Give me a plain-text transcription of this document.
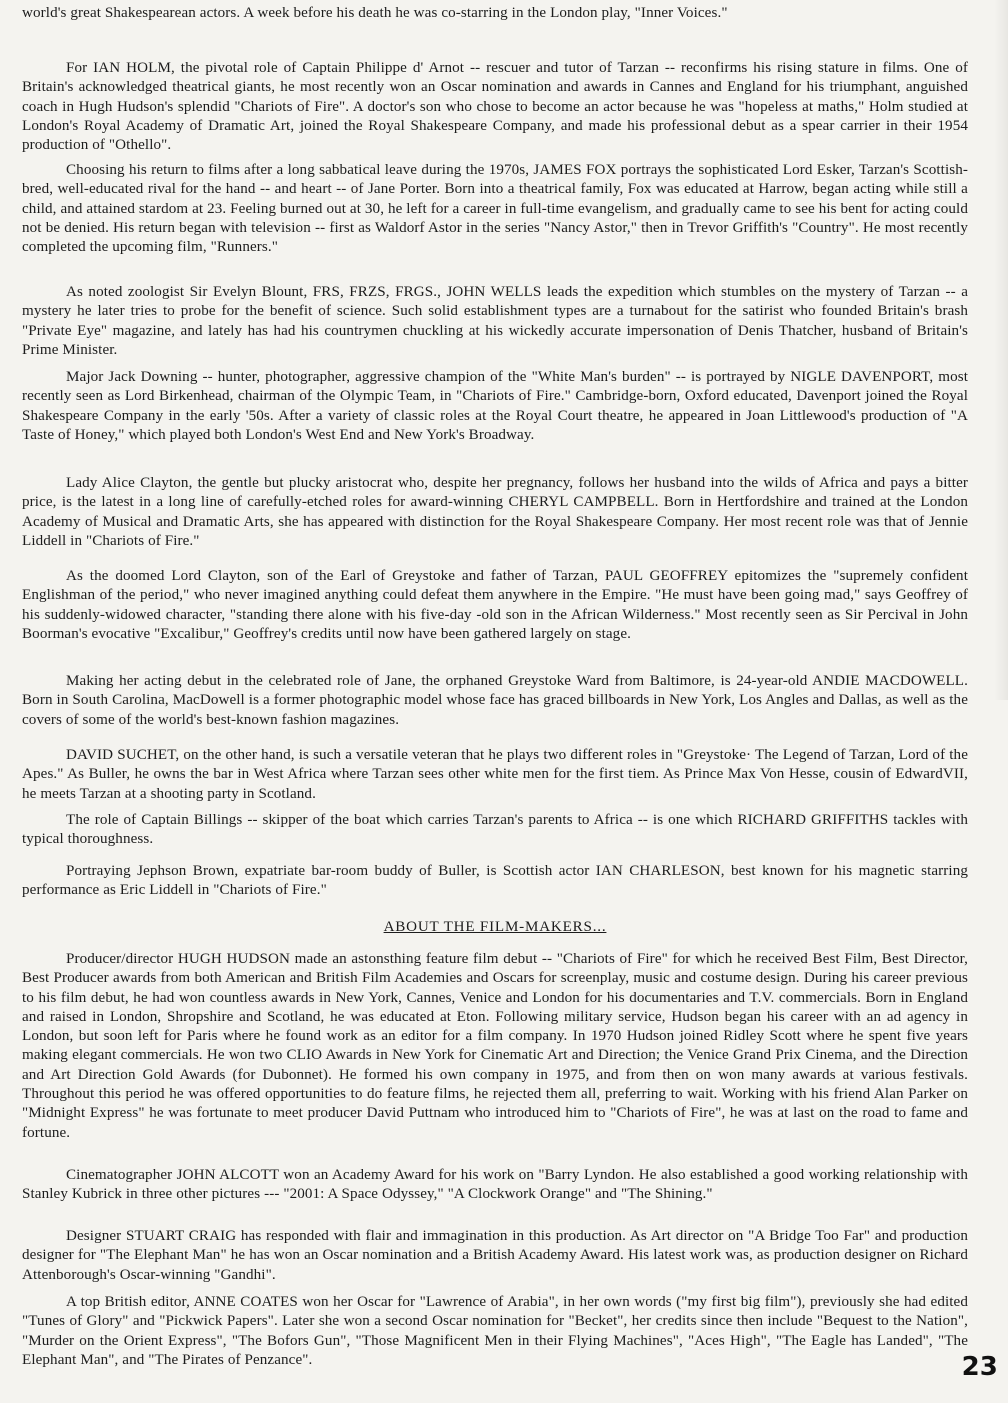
world's great Shakespearean actors. A week before his death he was co-starring in the London play, "Inner Voices."

For IAN HOLM, the pivotal role of Captain Philippe d' Arnot -- rescuer and tutor of Tarzan -- reconfirms his rising stature in films. One of Britain's acknowledged theatrical giants, he most recently won an Oscar nomination and awards in Cannes and England for his triumphant, anguished coach in Hugh Hudson's splendid "Chariots of Fire". A doctor's son who chose to become an actor because he was "hopeless at maths," Holm studied at London's Royal Academy of Dramatic Art, joined the Royal Shakespeare Company, and made his professional debut as a spear carrier in their 1954 production of "Othello".

Choosing his return to films after a long sabbatical leave during the 1970s, JAMES FOX portrays the sophisticated Lord Esker, Tarzan's Scottish-bred, well-educated rival for the hand -- and heart -- of Jane Porter. Born into a theatrical family, Fox was educated at Harrow, began acting while still a child, and attained stardom at 23. Feeling burned out at 30, he left for a career in full-time evangelism, and gradually came to see his bent for acting could not be denied. His return began with television -- first as Waldorf Astor in the series "Nancy Astor," then in Trevor Griffith's "Country". He most recently completed the upcoming film, "Runners."

As noted zoologist Sir Evelyn Blount, FRS, FRZS, FRGS., JOHN WELLS leads the expedition which stumbles on the mystery of Tarzan -- a mystery he later tries to probe for the benefit of science. Such solid establishment types are a turnabout for the satirist who founded Britain's brash "Private Eye" magazine, and lately has had his countrymen chuckling at his wickedly accurate impersonation of Denis Thatcher, husband of Britain's Prime Minister.

Major Jack Downing -- hunter, photographer, aggressive champion of the "White Man's burden" -- is portrayed by NIGLE DAVENPORT, most recently seen as Lord Birkenhead, chairman of the Olympic Team, in "Chariots of Fire." Cambridge-born, Oxford educated, Davenport joined the Royal Shakespeare Company in the early '50s. After a variety of classic roles at the Royal Court theatre, he appeared in Joan Littlewood's production of "A Taste of Honey," which played both London's West End and New York's Broadway.

Lady Alice Clayton, the gentle but plucky aristocrat who, despite her pregnancy, follows her husband into the wilds of Africa and pays a bitter price, is the latest in a long line of carefully-etched roles for award-winning CHERYL CAMPBELL. Born in Hertfordshire and trained at the London Academy of Musical and Dramatic Arts, she has appeared with distinction for the Royal Shakespeare Company. Her most recent role was that of Jennie Liddell in "Chariots of Fire."

As the doomed Lord Clayton, son of the Earl of Greystoke and father of Tarzan, PAUL GEOFFREY epitomizes the "supremely confident Englishman of the period," who never imagined anything could defeat them anywhere in the Empire. "He must have been going mad," says Geoffrey of his suddenly-widowed character, "standing there alone with his five-day -old son in the African Wilderness." Most recently seen as Sir Percival in John Boorman's evocative "Excalibur," Geoffrey's credits until now have been gathered largely on stage.

Making her acting debut in the celebrated role of Jane, the orphaned Greystoke Ward from Baltimore, is 24-year-old ANDIE MACDOWELL. Born in South Carolina, MacDowell is a former photographic model whose face has graced billboards in New York, Los Angles and Dallas, as well as the covers of some of the world's best-known fashion magazines.

DAVID SUCHET, on the other hand, is such a versatile veteran that he plays two different roles in "Greystoke· The Legend of Tarzan, Lord of the Apes." As Buller, he owns the bar in West Africa where Tarzan sees other white men for the first tiem. As Prince Max Von Hesse, cousin of EdwardVII, he meets Tarzan at a shooting party in Scotland.

The role of Captain Billings -- skipper of the boat which carries Tarzan's parents to Africa -- is one which RICHARD GRIFFITHS tackles with typical thoroughness.

Portraying Jephson Brown, expatriate bar-room buddy of Buller, is Scottish actor IAN CHARLESON, best known for his magnetic starring performance as Eric Liddell in "Chariots of Fire."

ABOUT THE FILM-MAKERS...

Producer/director HUGH HUDSON made an astonsthing feature film debut -- "Chariots of Fire" for which he received Best Film, Best Director, Best Producer awards from both American and British Film Academies and Oscars for screenplay, music and costume design. During his career previous to his film debut, he had won countless awards in New York, Cannes, Venice and London for his documentaries and T.V. commercials. Born in England and raised in London, Shropshire and Scotland, he was educated at Eton. Following military service, Hudson began his career with an ad agency in London, but soon left for Paris where he found work as an editor for a film company. In 1970 Hudson joined Ridley Scott where he spent five years making elegant commercials. He won two CLIO Awards in New York for Cinematic Art and Direction; the Venice Grand Prix Cinema, and the Direction and Art Direction Gold Awards (for Dubonnet). He formed his own company in 1975, and from then on won many awards at various festivals. Throughout this period he was offered opportunities to do feature films, he rejected them all, preferring to wait. Working with his friend Alan Parker on "Midnight Express" he was fortunate to meet producer David Puttnam who introduced him to "Chariots of Fire", he was at last on the road to fame and fortune.

Cinematographer JOHN ALCOTT won an Academy Award for his work on "Barry Lyndon. He also established a good working relationship with Stanley Kubrick in three other pictures --- "2001: A Space Odyssey," "A Clockwork Orange" and "The Shining."

Designer STUART CRAIG has responded with flair and immagination in this production. As Art director on "A Bridge Too Far" and production designer for "The Elephant Man" he has won an Oscar nomination and a British Academy Award. His latest work was, as production designer on Richard Attenborough's Oscar-winning "Gandhi".

A top British editor, ANNE COATES won her Oscar for "Lawrence of Arabia", in her own words ("my first big film"), previously she had edited "Tunes of Glory" and "Pickwick Papers". Later she won a second Oscar nomination for "Becket", her credits since then include "Bequest to the Nation", "Murder on the Orient Express", "The Bofors Gun", "Those Magnificent Men in their Flying Machines", "Aces High", "The Eagle has Landed", "The Elephant Man", and "The Pirates of Penzance".	23
